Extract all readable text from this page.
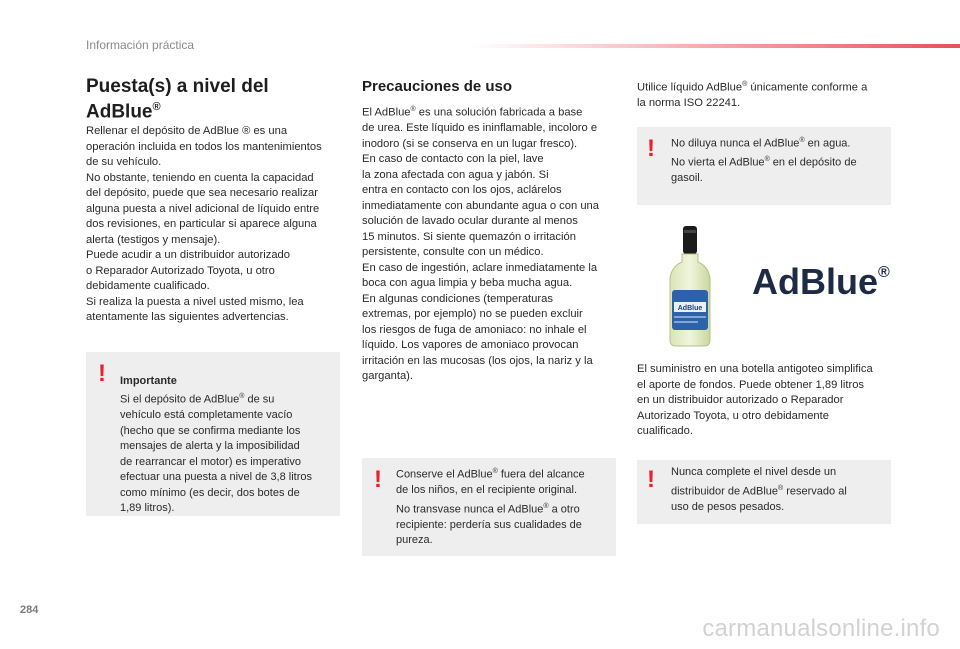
Información práctica
Puesta(s) a nivel del
AdBlue®
Rellenar el depósito de AdBlue ® es una
operación incluida en todos los mantenimientos
de su vehículo.
No obstante, teniendo en cuenta la capacidad
del depósito, puede que sea necesario realizar
alguna puesta a nivel adicional de líquido entre
dos revisiones, en particular si aparece alguna
alerta (testigos y mensaje).
Puede acudir a un distribuidor autorizado
o Reparador Autorizado Toyota, u otro
debidamente cualificado.
Si realiza la puesta a nivel usted mismo, lea
atentamente las siguientes advertencias.
! Importante
Si el depósito de AdBlue® de su
vehículo está completamente vacío
(hecho que se confirma mediante los
mensajes de alerta y la imposibilidad
de rearrancar el motor) es imperativo
efectuar una puesta a nivel de 3,8 litros
como mínimo (es decir, dos botes de
1,89 litros).

Precauciones de uso
El AdBlue® es una solución fabricada a base
de urea. Este líquido es ininflamable, incoloro e
inodoro (si se conserva en un lugar fresco).
En caso de contacto con la piel, lave
la zona afectada con agua y jabón. Si
entra en contacto con los ojos, aclárelos
inmediatamente con abundante agua o con una
solución de lavado ocular durante al menos
15 minutos. Si siente quemazón o irritación
persistente, consulte con un médico.
En caso de ingestión, aclare inmediatamente la
boca con agua limpia y beba mucha agua.
En algunas condiciones (temperaturas
extremas, por ejemplo) no se pueden excluir
los riesgos de fuga de amoniaco: no inhale el
líquido. Los vapores de amoniaco provocan
irritación en las mucosas (los ojos, la nariz y la
garganta).
! Conserve el AdBlue® fuera del alcance
de los niños, en el recipiente original.
No transvase nunca el AdBlue® a otro
recipiente: perdería sus cualidades de
pureza.
Utilice líquido AdBlue® únicamente conforme a
la norma ISO 22241.
! No diluya nunca el AdBlue® en agua.
No vierta el AdBlue® en el depósito de
gasoil.
AdBlue
AdBlue®
El suministro en una botella antigoteo simplifica
el aporte de fondos. Puede obtener 1,89 litros
en un distribuidor autorizado o Reparador
Autorizado Toyota, u otro debidamente
cualificado.
! Nunca complete el nivel desde un
distribuidor de AdBlue® reservado al
uso de pesos pesados.
284
carmanualsonline.info
